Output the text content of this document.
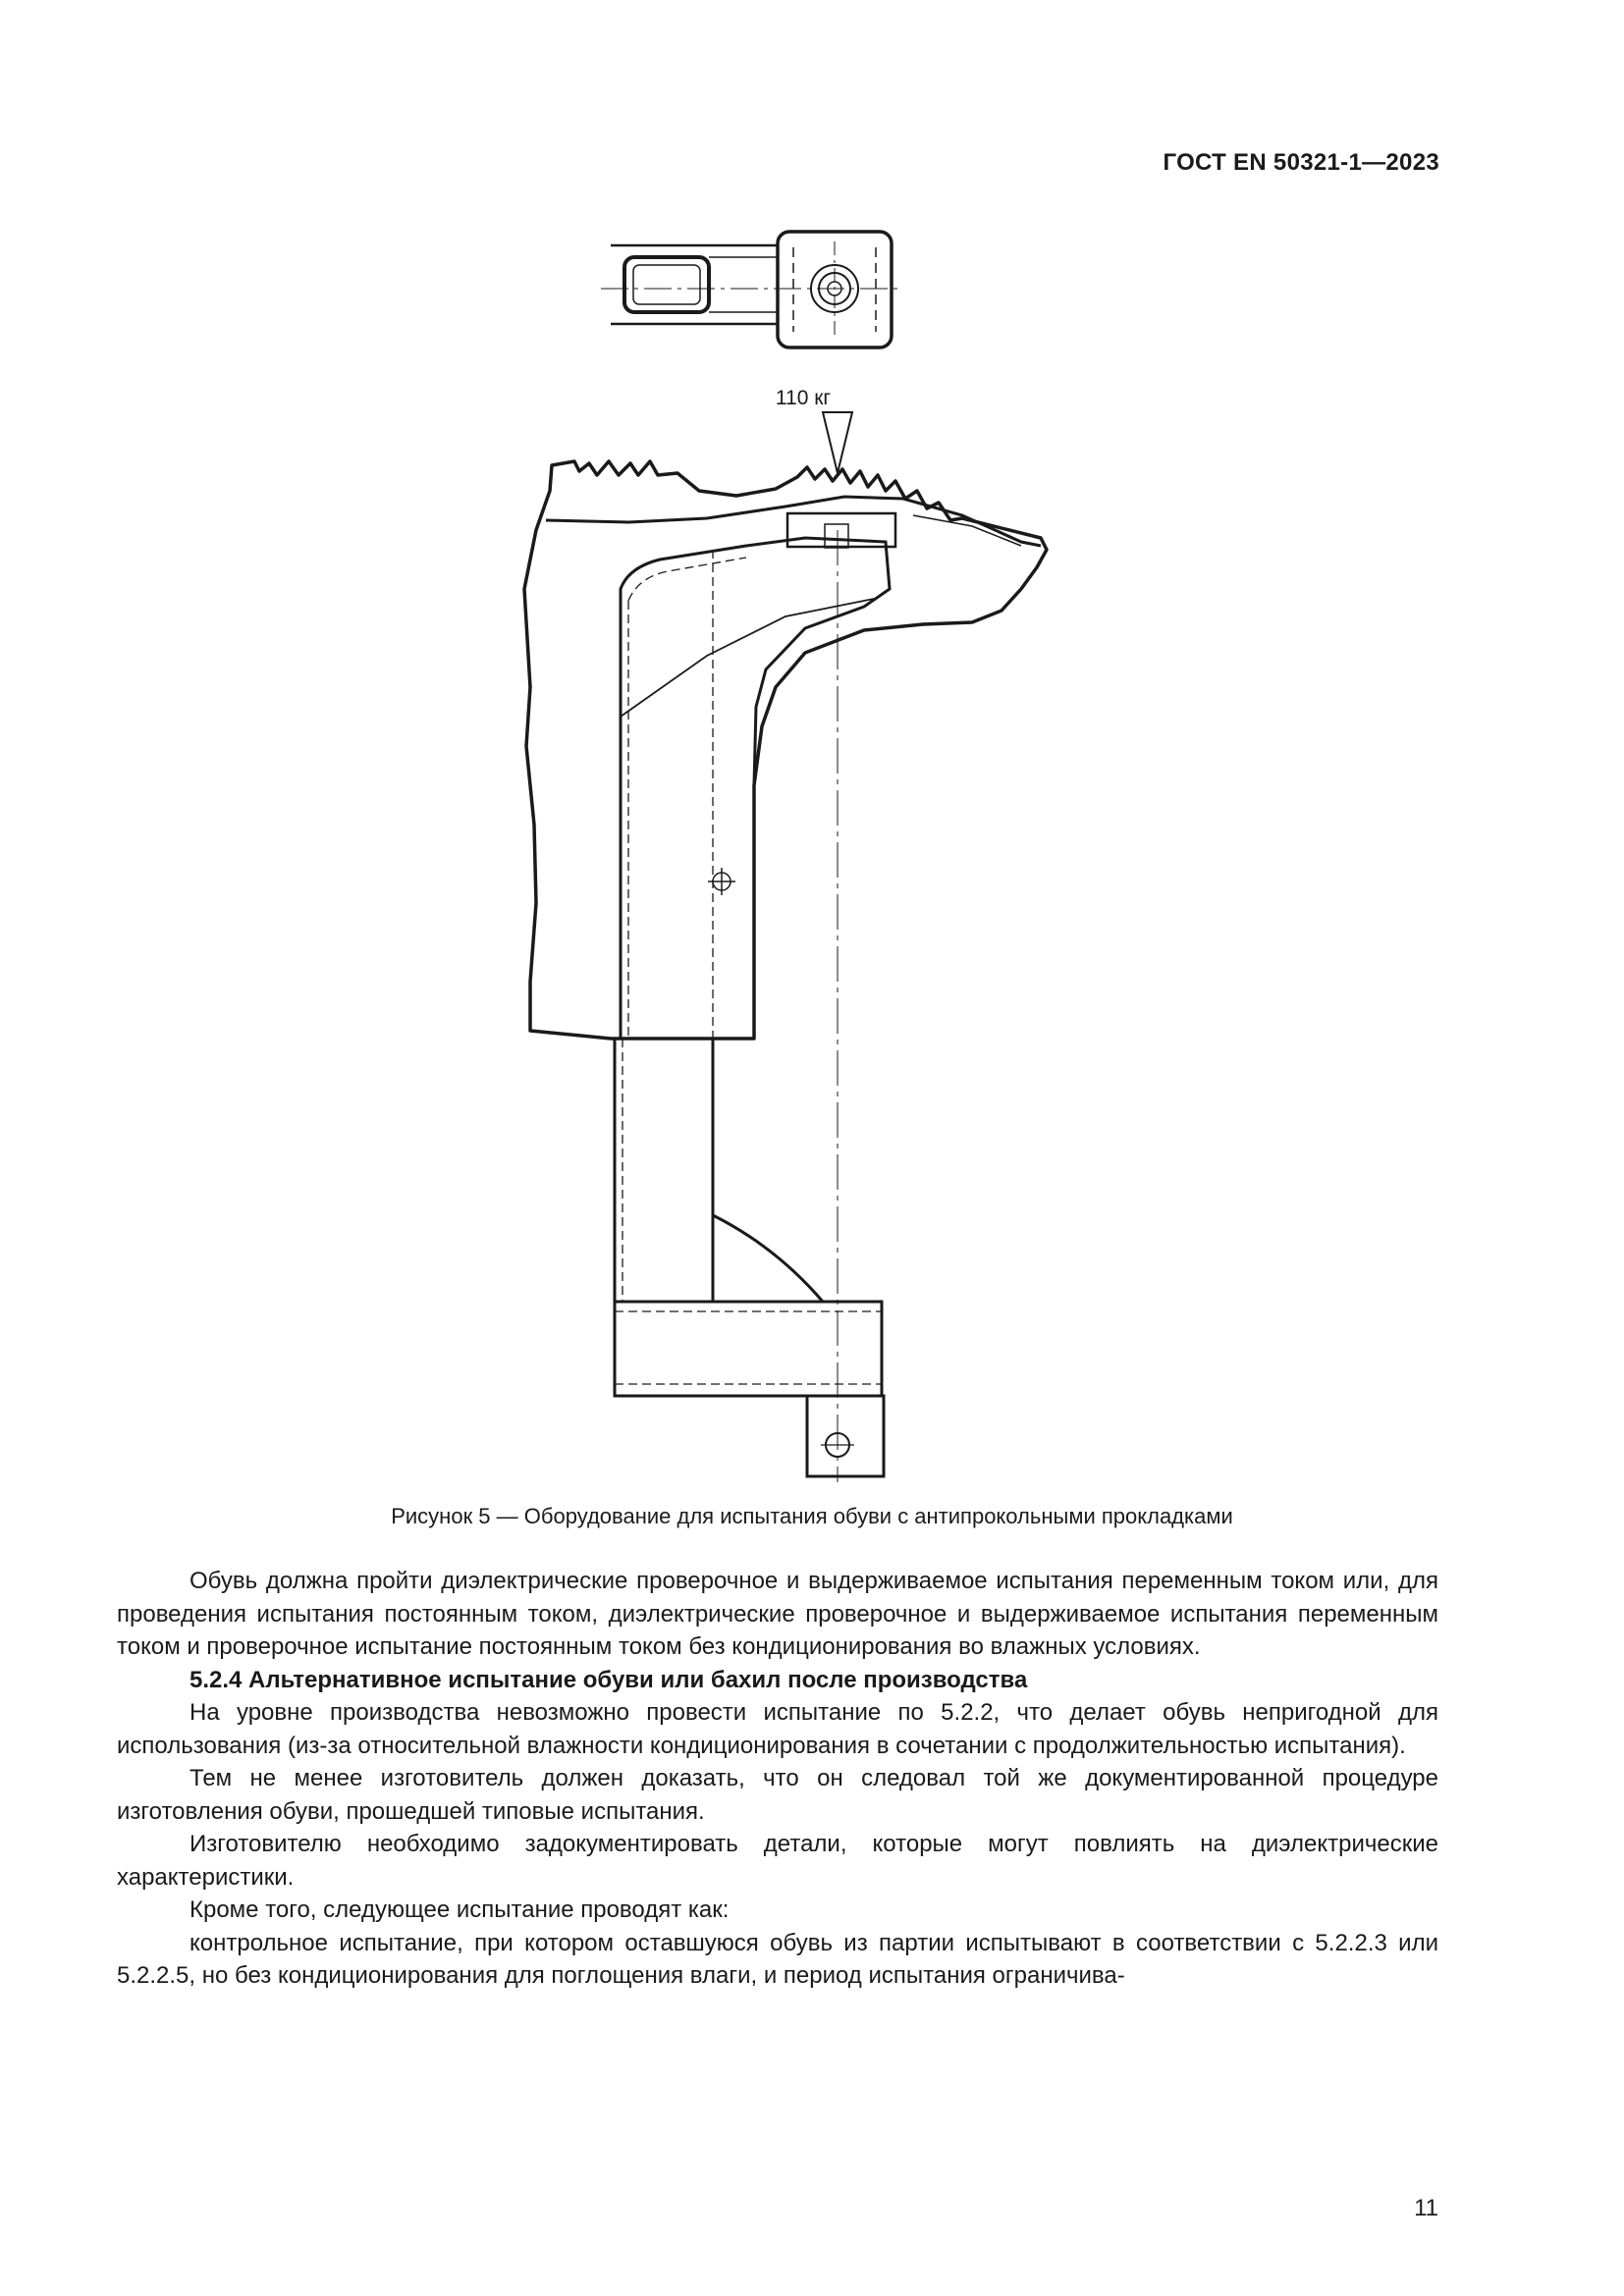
ГОСТ EN 50321-1—2023
110 кг
Рисунок 5 — Оборудование для испытания обуви с антипрокольными прокладками

Обувь должна пройти диэлектрические проверочное и выдерживаемое испытания переменным током или, для проведения испытания постоянным током, диэлектрические проверочное и выдерживаемое испытания переменным током и проверочное испытание постоянным током без кондиционирования во влажных условиях.

5.2.4 Альтернативное испытание обуви или бахил после производства

На уровне производства невозможно провести испытание по 5.2.2, что делает обувь непригодной для использования (из-за относительной влажности кондиционирования в сочетании с продолжительностью испытания).

Тем не менее изготовитель должен доказать, что он следовал той же документированной процедуре изготовления обуви, прошедшей типовые испытания.

Изготовителю необходимо задокументировать детали, которые могут повлиять на диэлектрические характеристики.

Кроме того, следующее испытание проводят как:

контрольное испытание, при котором оставшуюся обувь из партии испытывают в соответствии с 5.2.2.3 или 5.2.2.5, но без кондиционирования для поглощения влаги, и период испытания ограничива-

11
